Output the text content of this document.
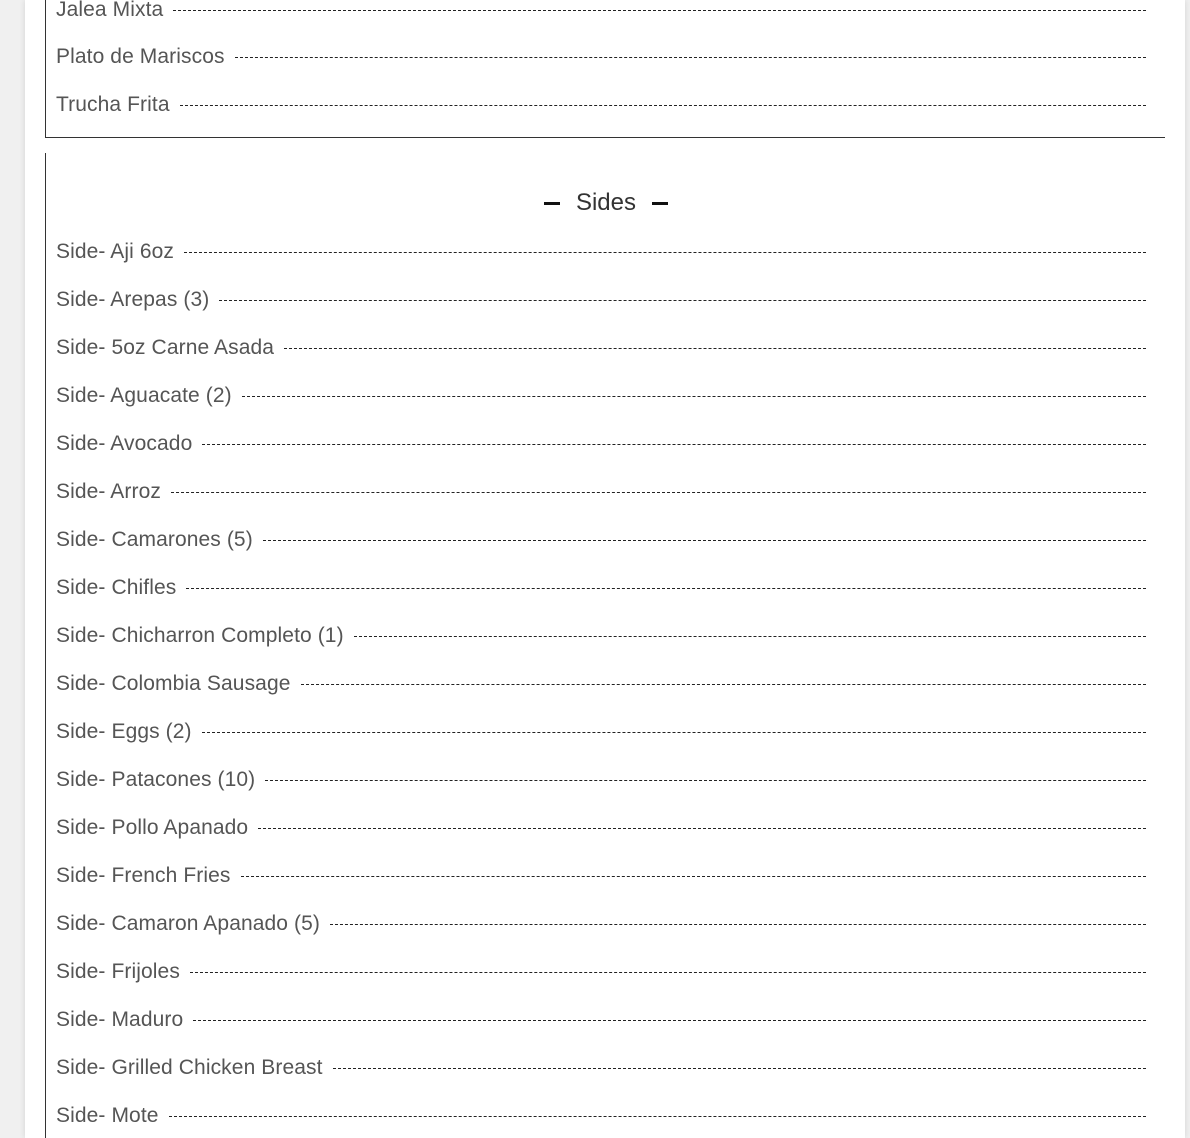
Jalea Mixta
Plato de Mariscos
Trucha Frita
Sides
Side- Aji 6oz
Side- Arepas (3)
Side- 5oz Carne Asada
Side- Aguacate (2)
Side- Avocado
Side- Arroz
Side- Camarones (5)
Side- Chifles
Side- Chicharron Completo (1)
Side- Colombia Sausage
Side- Eggs (2)
Side- Patacones (10)
Side- Pollo Apanado
Side- French Fries
Side- Camaron Apanado (5)
Side- Frijoles
Side- Maduro
Side- Grilled Chicken Breast
Side- Mote
